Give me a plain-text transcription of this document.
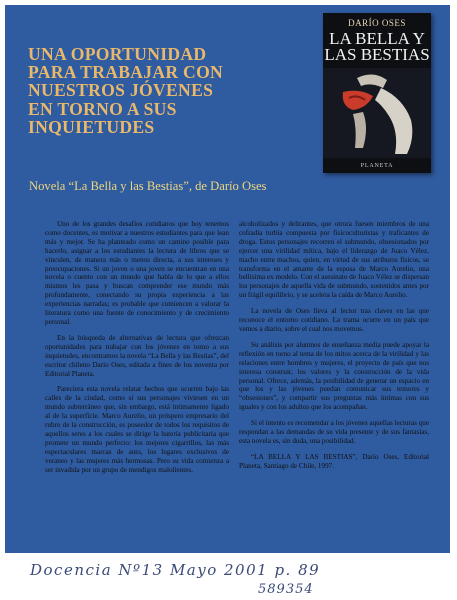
UNA OPORTUNIDAD
PARA TRABAJAR CON
NUESTROS JÓVENES
EN TORNO A SUS
INQUIETUDES

Novela “La Bella y las Bestias”, de Darío Oses

DARÍO OSES
LA BELLA Y
LAS BESTIAS
PLANETA

Uno de los grandes desafíos cotidianos que hoy tenemos como docentes, es motivar a nuestros estudiantes para que lean más y mejor. Se ha planteado como un camino posible para hacerlo, asignar a los estudiantes la lectura de libros que se vinculen, de manera más o menos directa, a sus intereses y preocupaciones. Si un joven o una joven se encuentran en una novela o cuento con un mundo que habla de lo que a ellos mismos les pasa y buscan comprender ese mundo más profundamente, conectando su propia experiencia a las experiencias narradas; es probable que comiencen a valorar la literatura como una fuente de conocimiento y de crecimiento personal.

En la búsqueda de alternativas de lectura que ofrezcan oportunidades para trabajar con los jóvenes en torno a sus inquietudes, encontramos la novela “La Bella y las Bestias”, del escritor chileno Darío Oses, editada a fines de los noventa por Editorial Planeta.

Pareciera esta novela relatar hechos que ocurren bajo las calles de la ciudad, como si sus personajes viviesen en un mundo subterráneo que, sin embargo, está íntimamente ligado al de la superficie. Marco Aurelio, un próspero empresario del rubro de la construcción, es poseedor de todos los requisitos de aquellos seres a los cuales se dirige la batería publicitaria que promete un mundo perfecto: los mejores cigarrillos, las más espectaculares marcas de auto, los lugares exclusivos de veraneo y las mujeres más hermosas. Pero su vida comienza a ser invadida por un grupo de mendigos malolientes,

alcoholizados y delirantes, que otrora fuesen miembros de una cofradía turbia compuesta por fisicoculturistas y traficantes de droga. Estos personajes recorren el submundo, obsesionados por ejercer una virilidad mítica, bajo el liderazgo de Juaco Vélez, macho entre machos, quien, en virtud de sus atributos físicos, se transforma en el amante de la esposa de Marco Aurelio, una bellísima ex modelo. Con el asesinato de Juaco Vélez se dispersan los personajes de aquella vida de submundo, sostenidos antes por un frágil equilibrio, y se acelera la caída de Marco Aurelio.

La novela de Oses lleva al lector tras claves en las que reconoce el entorno cotidiano. La trama ocurre en un país que vemos a diario, sobre el cual nos movemos.

Su análisis por alumnos de enseñanza media puede apoyar la reflexión en torno al tema de los mitos acerca de la virilidad y las relaciones entre hombres y mujeres, el proyecto de país que nos interesa construir, los valores y la construcción de la vida personal. Ofrece, además, la posibilidad de generar un espacio en que los y las jóvenes puedan comunicar sus temores y “obsesiones”, y compartir sus preguntas más íntimas con sus iguales y con los adultos que los acompañan.

Si el intento es recomendar a los jóvenes aquellas lecturas que respondan a las demandas de su vida presente y de sus fantasías, esta novela es, sin duda, una posibilidad.

“LA BELLA Y LAS BESTIAS”, Darío Oses, Editorial Planeta, Santiago de Chile, 1997.

Docencia Nº13 Mayo 2001 p. 89
589354
